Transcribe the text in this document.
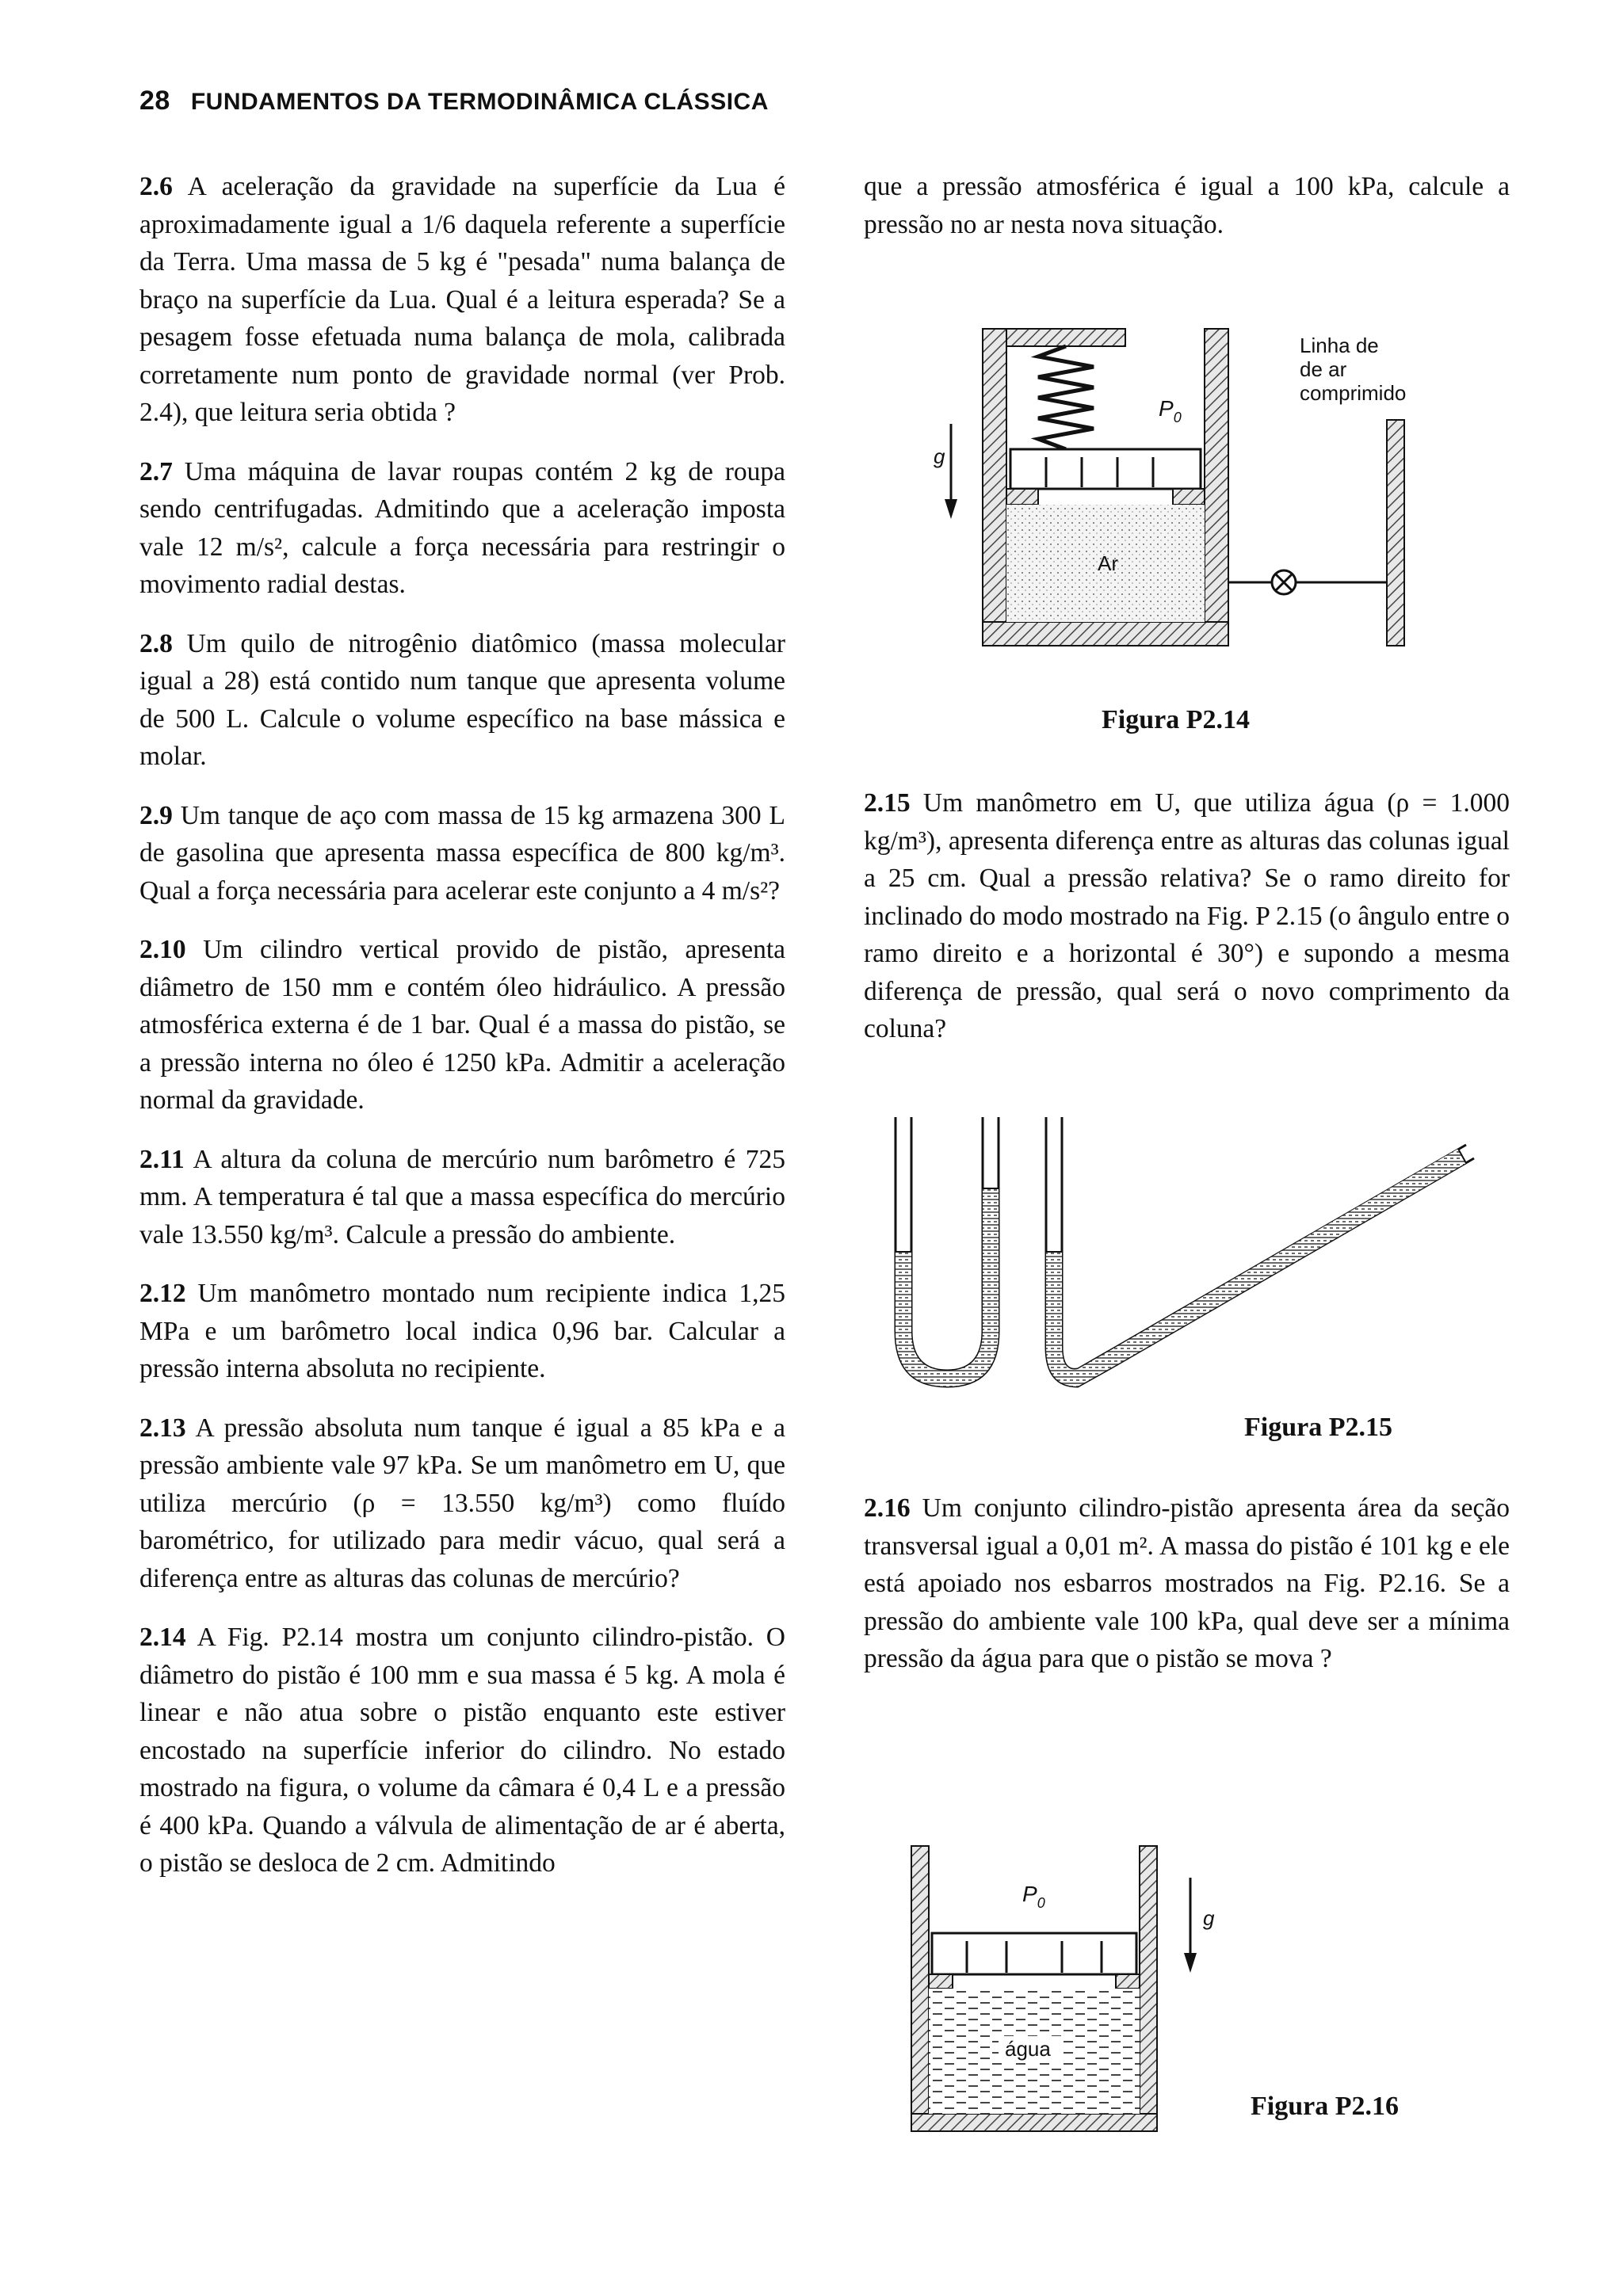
28 FUNDAMENTOS DA TERMODINÂMICA CLÁSSICA

2.6 A aceleração da gravidade na superfície da Lua é aproximadamente igual a 1/6 daquela referente a superfície da Terra. Uma massa de 5 kg é "pesada" numa balança de braço na superfície da Lua. Qual é a leitura esperada? Se a pesagem fosse efetuada numa balança de mola, calibrada corretamente num ponto de gravidade normal (ver Prob. 2.4), que leitura seria obtida ?

2.7 Uma máquina de lavar roupas contém 2 kg de roupa sendo centrifugadas. Admitindo que a aceleração imposta vale 12 m/s², calcule a força necessária para restringir o movimento radial destas.

2.8 Um quilo de nitrogênio diatômico (massa molecular igual a 28) está contido num tanque que apresenta volume de 500 L. Calcule o volume específico na base mássica e molar.

2.9 Um tanque de aço com massa de 15 kg armazena 300 L de gasolina que apresenta massa específica de 800 kg/m³. Qual a força necessária para acelerar este conjunto a 4 m/s²?

2.10 Um cilindro vertical provido de pistão, apresenta diâmetro de 150 mm e contém óleo hidráulico. A pressão atmosférica externa é de 1 bar. Qual é a massa do pistão, se a pressão interna no óleo é 1250 kPa. Admitir a aceleração normal da gravidade.

2.11 A altura da coluna de mercúrio num barômetro é 725 mm. A temperatura é tal que a massa específica do mercúrio vale 13.550 kg/m³. Calcule a pressão do ambiente.

2.12 Um manômetro montado num recipiente indica 1,25 MPa e um barômetro local indica 0,96 bar. Calcular a pressão interna absoluta no recipiente.

2.13 A pressão absoluta num tanque é igual a 85 kPa e a pressão ambiente vale 97 kPa. Se um manômetro em U, que utiliza mercúrio (ρ = 13.550 kg/m³) como fluído barométrico, for utilizado para medir vácuo, qual será a diferença entre as alturas das colunas de mercúrio?

2.14 A Fig. P2.14 mostra um conjunto cilindro-pistão. O diâmetro do pistão é 100 mm e sua massa é 5 kg. A mola é linear e não atua sobre o pistão enquanto este estiver encostado na superfície inferior do cilindro. No estado mostrado na figura, o volume da câmara é 0,4 L e a pressão é 400 kPa. Quando a válvula de alimentação de ar é aberta, o pistão se desloca de 2 cm. Admitindo

que a pressão atmosférica é igual a 100 kPa, calcule a pressão no ar nesta nova situação.

Ar
$P_0$
g
Linha de
de ar
comprimido
Figura P2.14

2.15 Um manômetro em U, que utiliza água (ρ = 1.000 kg/m³), apresenta diferença entre as alturas das colunas igual a 25 cm. Qual a pressão relativa? Se o ramo direito for inclinado do modo mostrado na Fig. P 2.15 (o ângulo entre o ramo direito e a horizontal é 30°) e supondo a mesma diferença de pressão, qual será o novo comprimento da coluna?

Figura P2.15

2.16 Um conjunto cilindro-pistão apresenta área da seção transversal igual a 0,01 m². A massa do pistão é 101 kg e ele está apoiado nos esbarros mostrados na Fig. P2.16. Se a pressão do ambiente vale 100 kPa, qual deve ser a mínima pressão da água para que o pistão se mova ?

água
$P_0$
g
Figura P2.16
